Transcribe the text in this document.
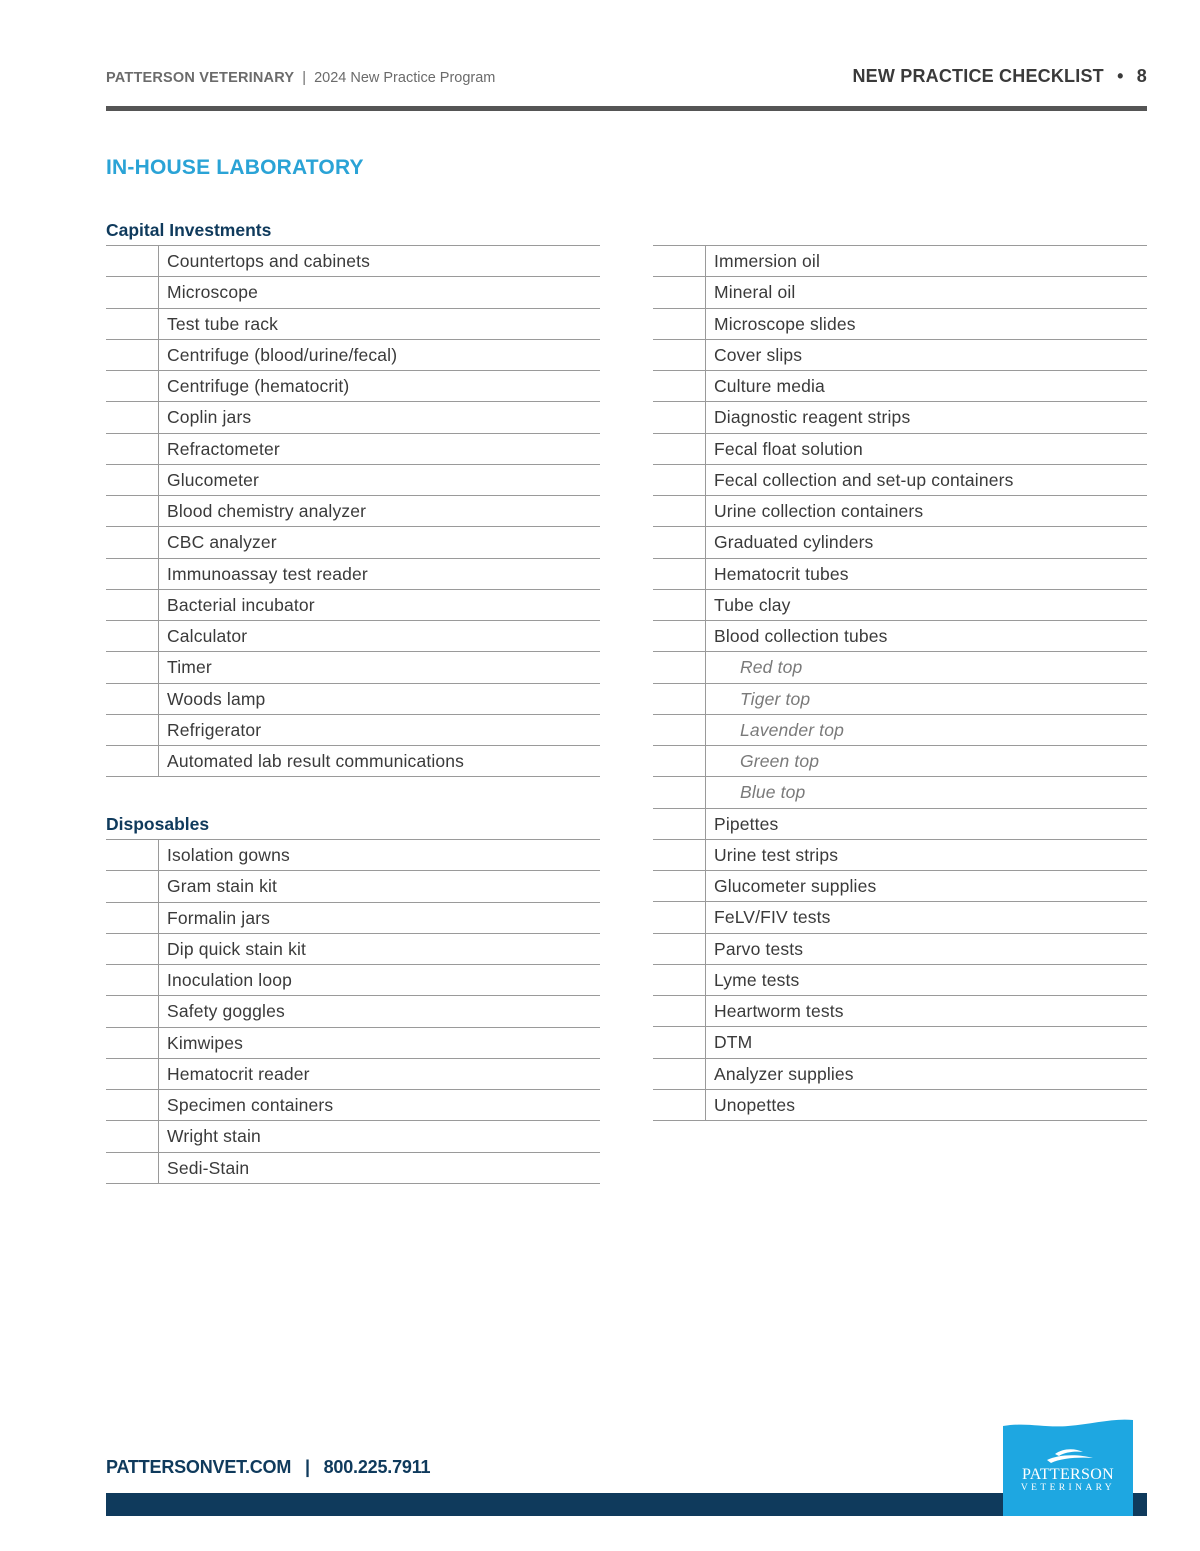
PATTERSON VETERINARY | 2024 New Practice Program	NEW PRACTICE CHECKLIST • 8
IN-HOUSE LABORATORY
Capital Investments
Countertops and cabinets
Microscope
Test tube rack
Centrifuge (blood/urine/fecal)
Centrifuge (hematocrit)
Coplin jars
Refractometer
Glucometer
Blood chemistry analyzer
CBC analyzer
Immunoassay test reader
Bacterial incubator
Calculator
Timer
Woods lamp
Refrigerator
Automated lab result communications
Disposables
Isolation gowns
Gram stain kit
Formalin jars
Dip quick stain kit
Inoculation loop
Safety goggles
Kimwipes
Hematocrit reader
Specimen containers
Wright stain
Sedi-Stain
Immersion oil
Mineral oil
Microscope slides
Cover slips
Culture media
Diagnostic reagent strips
Fecal float solution
Fecal collection and set-up containers
Urine collection containers
Graduated cylinders
Hematocrit tubes
Tube clay
Blood collection tubes
Red top
Tiger top
Lavender top
Green top
Blue top
Pipettes
Urine test strips
Glucometer supplies
FeLV/FIV tests
Parvo tests
Lyme tests
Heartworm tests
DTM
Analyzer supplies
Unopettes
PATTERSONVET.COM | 800.225.7911	PATTERSON
VETERINARY
